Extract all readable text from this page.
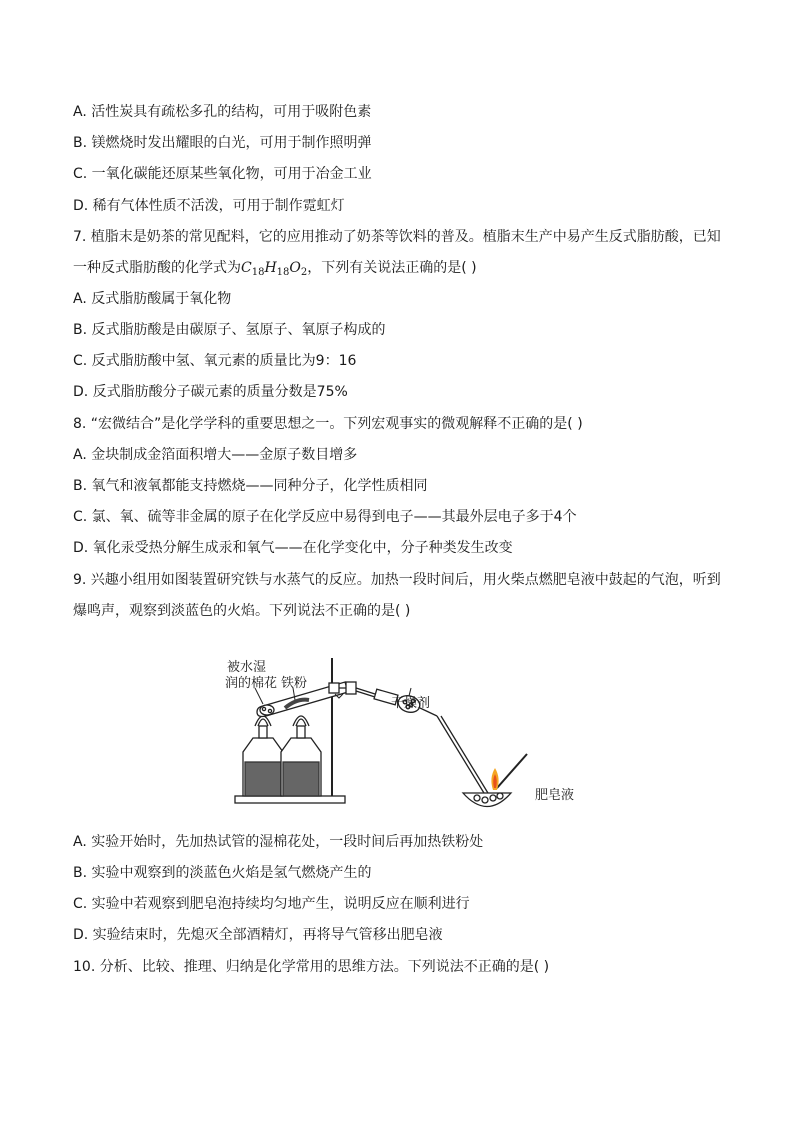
A. 活性炭具有疏松多孔的结构，可用于吸附色素
B. 镁燃烧时发出耀眼的白光，可用于制作照明弹
C. 一氧化碳能还原某些氧化物，可用于冶金工业
D. 稀有气体性质不活泼，可用于制作霓虹灯
7. 植脂末是奶茶的常见配料，它的应用推动了奶茶等饮料的普及。植脂末生产中易产生反式脂肪酸，已知
一种反式脂肪酸的化学式为$C_{18}H_{18}O_2$，下列有关说法正确的是( )
A. 反式脂肪酸属于氧化物
B. 反式脂肪酸是由碳原子、氢原子、氧原子构成的
C. 反式脂肪酸中氢、氧元素的质量比为9：16
D. 反式脂肪酸分子碳元素的质量分数是75%
8. “宏微结合”是化学学科的重要思想之一。下列宏观事实的微观解释不正确的是( )
A. 金块制成金箔面积增大——金原子数目增多
B. 氧气和液氧都能支持燃烧——同种分子，化学性质相同
C. 氯、氧、硫等非金属的原子在化学反应中易得到电子——其最外层电子多于4个
D. 氧化汞受热分解生成汞和氧气——在化学变化中，分子种类发生改变
9. 兴趣小组用如图装置研究铁与水蒸气的反应。加热一段时间后，用火柴点燃肥皂液中鼓起的气泡，听到
爆鸣声，观察到淡蓝色的火焰。下列说法不正确的是( )
被水湿
润的棉花 铁粉
干燥剂
肥皂液
A. 实验开始时，先加热试管的湿棉花处，一段时间后再加热铁粉处
B. 实验中观察到的淡蓝色火焰是氢气燃烧产生的
C. 实验中若观察到肥皂泡持续均匀地产生，说明反应在顺利进行
D. 实验结束时，先熄灭全部酒精灯，再将导气管移出肥皂液
10. 分析、比较、推理、归纳是化学常用的思维方法。下列说法不正确的是( )
